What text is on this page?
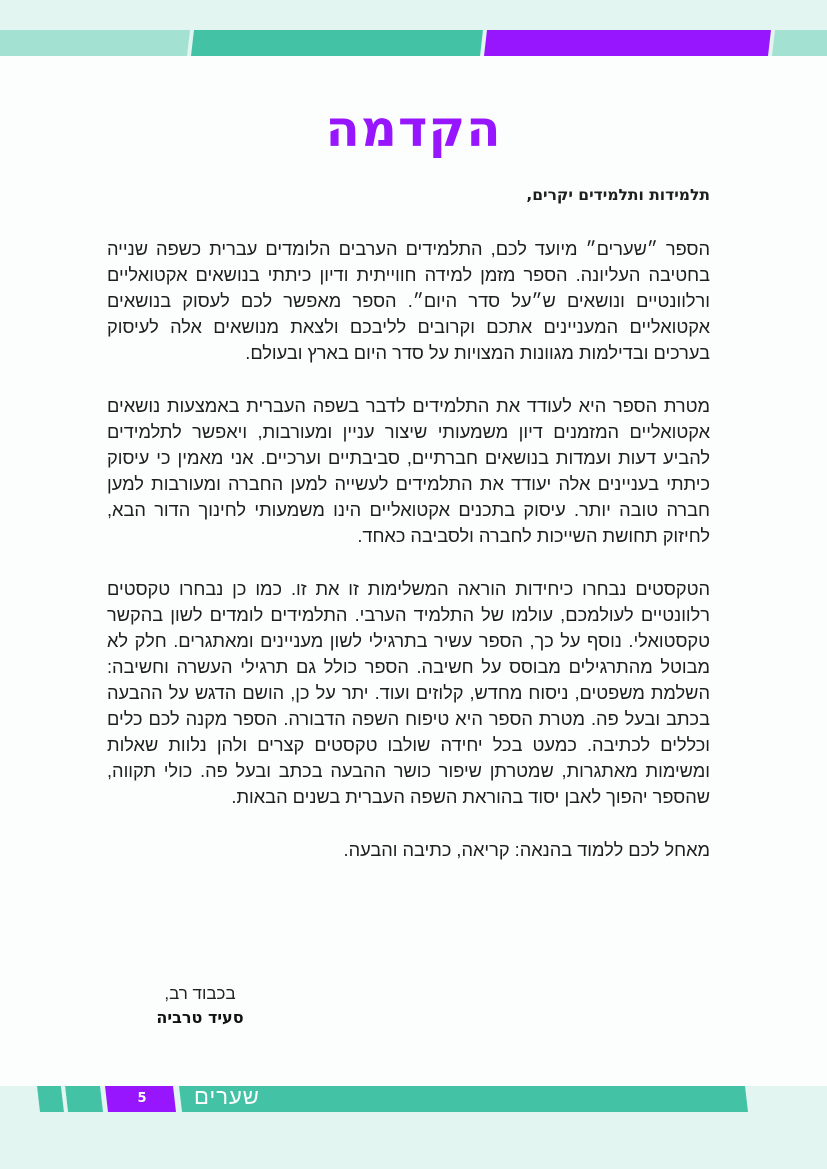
הקדמה

תלמידות ותלמידים יקרים,

הספר ״שערים״ מיועד לכם, התלמידים הערבים הלומדים עברית כשפה שנייה בחטיבה העליונה. הספר מזמן למידה חווייתית ודיון כיתתי בנושאים אקטואליים ורלוונטיים ונושאים ש״על סדר היום״. הספר מאפשר לכם לעסוק בנושאים אקטואליים המעניינים אתכם וקרובים לליבכם ולצאת מנושאים אלה לעיסוק בערכים ובדילמות מגוונות המצויות על סדר היום בארץ ובעולם.

מטרת הספר היא לעודד את התלמידים לדבר בשפה העברית באמצעות נושאים אקטואליים המזמנים דיון משמעותי שיצור עניין ומעורבות, ויאפשר לתלמידים להביע דעות ועמדות בנושאים חברתיים, סביבתיים וערכיים. אני מאמין כי עיסוק כיתתי בעניינים אלה יעודד את התלמידים לעשייה למען החברה ומעורבות למען חברה טובה יותר. עיסוק בתכנים אקטואליים הינו משמעותי לחינוך הדור הבא, לחיזוק תחושת השייכות לחברה ולסביבה כאחד.

הטקסטים נבחרו כיחידות הוראה המשלימות זו את זו. כמו כן נבחרו טקסטים רלוונטיים לעולמכם, עולמו של התלמיד הערבי. התלמידים לומדים לשון בהקשר טקסטואלי. נוסף על כך, הספר עשיר בתרגילי לשון מעניינים ומאתגרים. חלק לא מבוטל מהתרגילים מבוסס על חשיבה. הספר כולל גם תרגילי העשרה וחשיבה: השלמת משפטים, ניסוח מחדש, קלוזים ועוד. יתר על כן, הושם הדגש על ההבעה בכתב ובעל פה. מטרת הספר היא טיפוח השפה הדבורה. הספר מקנה לכם כלים וכללים לכתיבה. כמעט בכל יחידה שולבו טקסטים קצרים ולהן נלוות שאלות ומשימות מאתגרות, שמטרתן שיפור כושר ההבעה בכתב ובעל פה. כולי תקווה, שהספר יהפוך לאבן יסוד בהוראת השפה העברית בשנים הבאות.

מאחל לכם ללמוד בהנאה: קריאה, כתיבה והבעה.

בכבוד רב,
סעיד טרביה
5	שערים
